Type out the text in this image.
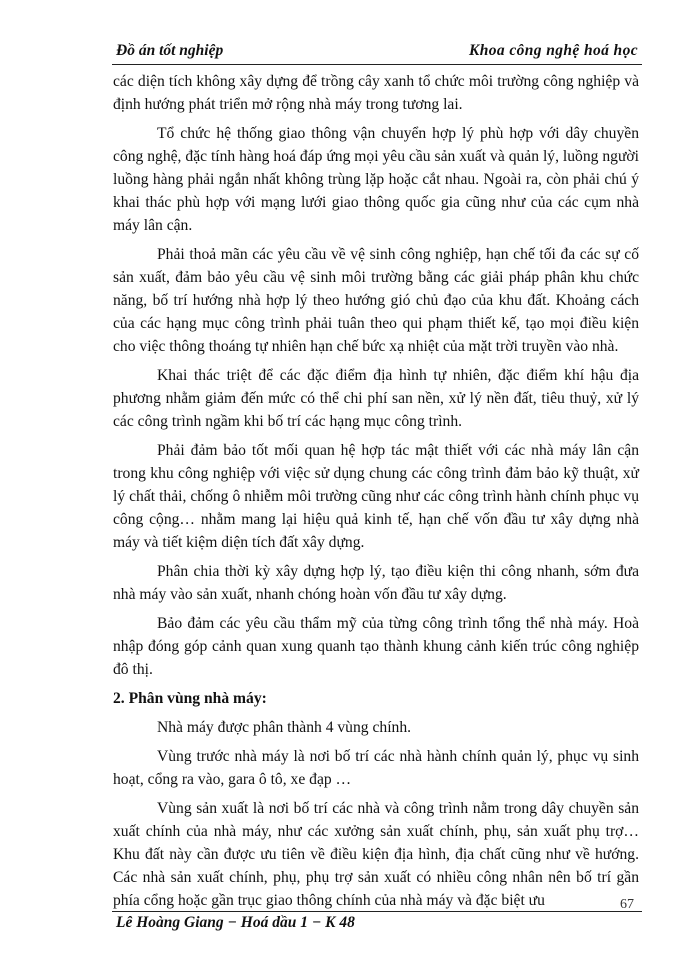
Đồ án tốt nghiệp	Khoa công nghệ hoá học

các diện tích không xây dựng để trồng cây xanh tổ chức môi trường công nghiệp và định hướng phát triển mở rộng nhà máy trong tương lai.

Tổ chức hệ thống giao thông vận chuyển hợp lý phù hợp với dây chuyền công nghệ, đặc tính hàng hoá đáp ứng mọi yêu cầu sản xuất và quản lý, luồng người luồng hàng phải ngắn nhất không trùng lặp hoặc cắt nhau. Ngoài ra, còn phải chú ý khai thác phù hợp với mạng lưới giao thông quốc gia cũng như của các cụm nhà máy lân cận.

Phải thoả mãn các yêu cầu về vệ sinh công nghiệp, hạn chế tối đa các sự cố sản xuất, đảm bảo yêu cầu vệ sinh môi trường bằng các giải pháp phân khu chức năng, bố trí hướng nhà hợp lý theo hướng gió chủ đạo của khu đất. Khoảng cách của các hạng mục công trình phải tuân theo qui phạm thiết kế, tạo mọi điều kiện cho việc thông thoáng tự nhiên hạn chế bức xạ nhiệt của mặt trời truyền vào nhà.

Khai thác triệt để các đặc điểm địa hình tự nhiên, đặc điểm khí hậu địa phương nhằm giảm đến mức có thể chi phí san nền, xử lý nền đất, tiêu thuỷ, xử lý các công trình ngầm khi bố trí các hạng mục công trình.

Phải đảm bảo tốt mối quan hệ hợp tác mật thiết với các nhà máy lân cận trong khu công nghiệp với việc sử dụng chung các công trình đảm bảo kỹ thuật, xử lý chất thải, chống ô nhiễm môi trường cũng như các công trình hành chính phục vụ công cộng… nhằm mang lại hiệu quả kinh tế, hạn chế vốn đầu tư xây dựng nhà máy và tiết kiệm diện tích đất xây dựng.

Phân chia thời kỳ xây dựng hợp lý, tạo điều kiện thi công nhanh, sớm đưa nhà máy vào sản xuất, nhanh chóng hoàn vốn đầu tư xây dựng.

Bảo đảm các yêu cầu thẩm mỹ của từng công trình tổng thể nhà máy. Hoà nhập đóng góp cảnh quan xung quanh tạo thành khung cảnh kiến trúc công nghiệp đô thị.

2. Phân vùng nhà máy:

Nhà máy được phân thành 4 vùng chính.

Vùng trước nhà máy là nơi bố trí các nhà hành chính quản lý, phục vụ sinh hoạt, cổng ra vào, gara ô tô, xe đạp …

Vùng sản xuất là nơi bố trí các nhà và công trình nằm trong dây chuyền sản xuất chính của nhà máy, như các xưởng sản xuất chính, phụ, sản xuất phụ trợ… Khu đất này cần được ưu tiên về điều kiện địa hình, địa chất cũng như về hướng. Các nhà sản xuất chính, phụ, phụ trợ sản xuất có nhiều công nhân nên bố trí gần phía cổng hoặc gần trục giao thông chính của nhà máy và đặc biệt ưu	67
Lê Hoàng Giang − Hoá dầu 1 − K 48
